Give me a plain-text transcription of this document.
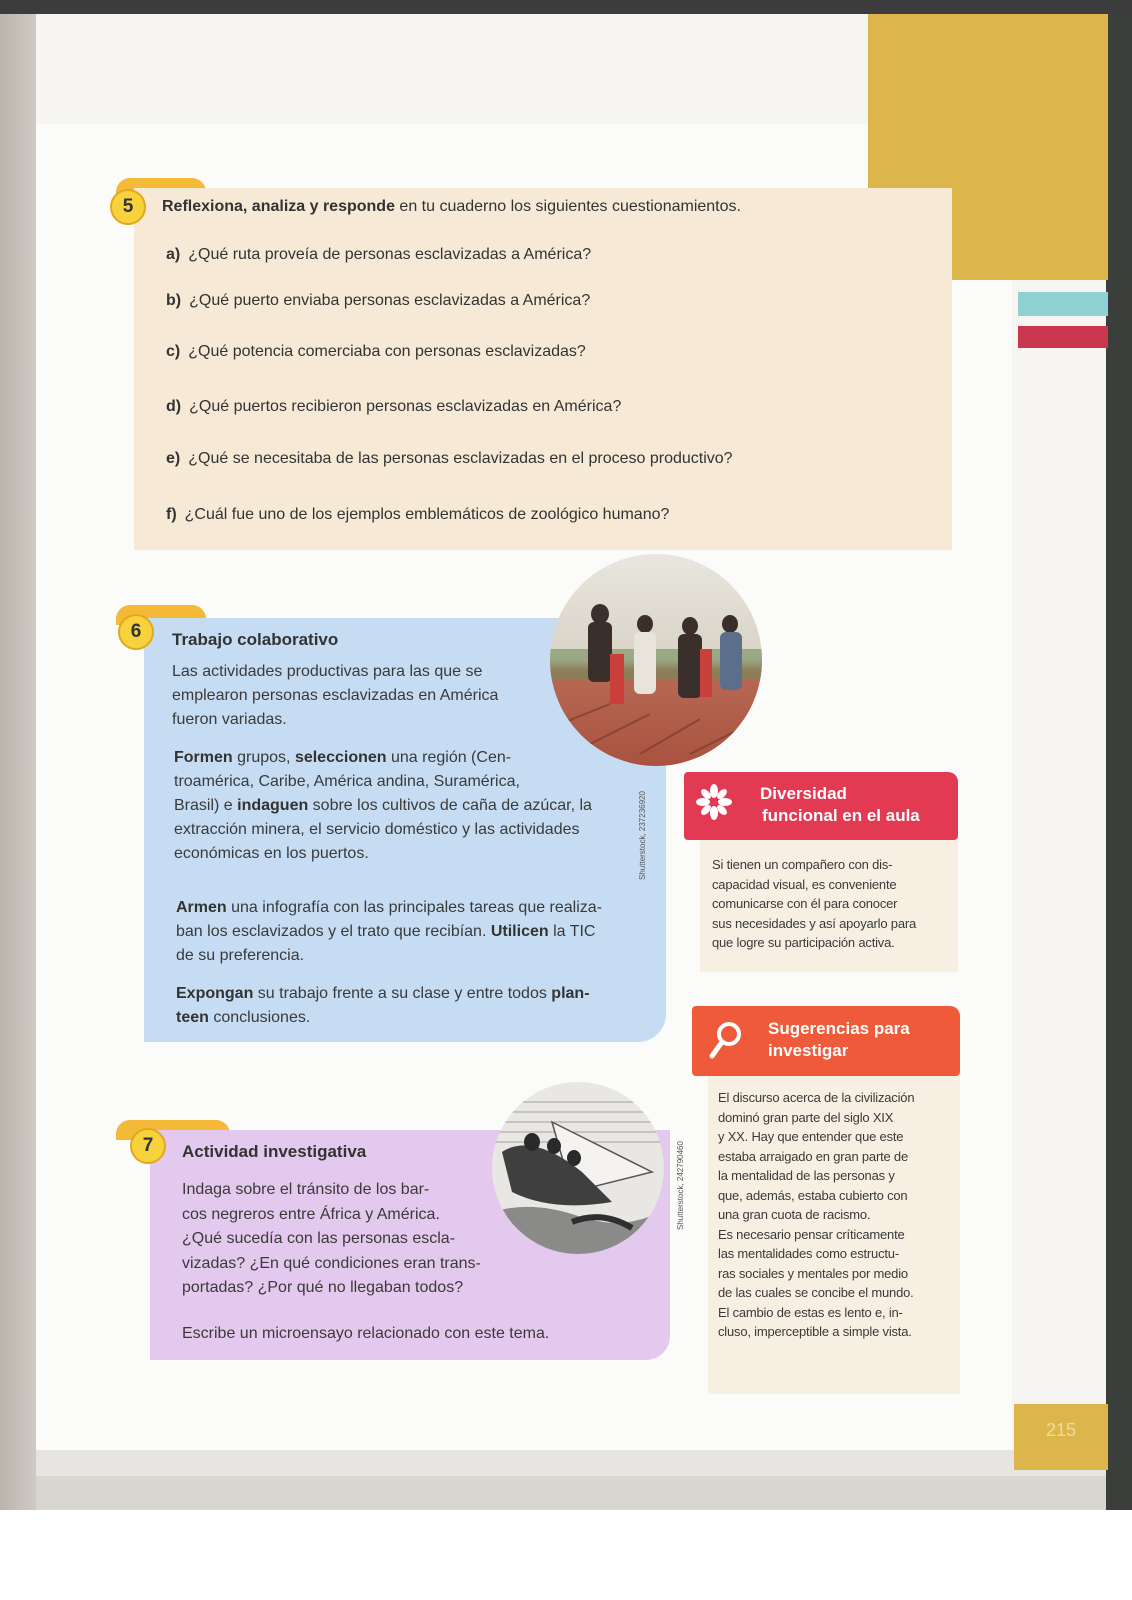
215
5	Reflexiona, analiza y responde en tu cuaderno los siguientes cuestionamientos.
a) ¿Qué ruta proveía de personas esclavizadas a América?
b) ¿Qué puerto enviaba personas esclavizadas a América?
c) ¿Qué potencia comerciaba con personas esclavizadas?
d) ¿Qué puertos recibieron personas esclavizadas en América?
e) ¿Qué se necesitaba de las personas esclavizadas en el proceso productivo?
f) ¿Cuál fue uno de los ejemplos emblemáticos de zoológico humano?
6	Trabajo colaborativo
Las actividades productivas para las que se
emplearon personas esclavizadas en América
fueron variadas.
Formen grupos, seleccionen una región (Cen-
troamérica, Caribe, América andina, Suramérica,
Brasil) e indaguen sobre los cultivos de caña de azúcar, la
extracción minera, el servicio doméstico y las actividades
económicas en los puertos.
Armen una infografía con las principales tareas que realiza-
ban los esclavizados y el trato que recibían. Utilicen la TIC
de su preferencia.
Expongan su trabajo frente a su clase y entre todos plan-
teen conclusiones.
Shutterstock, 237236920	Diversidad
funcional en el aula
Si tienen un compañero con dis-
capacidad visual, es conveniente
comunicarse con él para conocer
sus necesidades y así apoyarlo para
que logre su participación activa.
Sugerencias para
investigar
El discurso acerca de la civilización
dominó gran parte del siglo XIX
y XX. Hay que entender que este
estaba arraigado en gran parte de
la mentalidad de las personas y
que, además, estaba cubierto con
una gran cuota de racismo.
Es necesario pensar críticamente
las mentalidades como estructu-
ras sociales y mentales por medio
de las cuales se concibe el mundo.
El cambio de estas es lento e, in-
cluso, imperceptible a simple vista.
7	Actividad investigativa
Indaga sobre el tránsito de los bar-
cos negreros entre África y América.
¿Qué sucedía con las personas escla-
vizadas? ¿En qué condiciones eran trans-
portadas? ¿Por qué no llegaban todos?
Escribe un microensayo relacionado con este tema.
Shutterstock, 242790460
